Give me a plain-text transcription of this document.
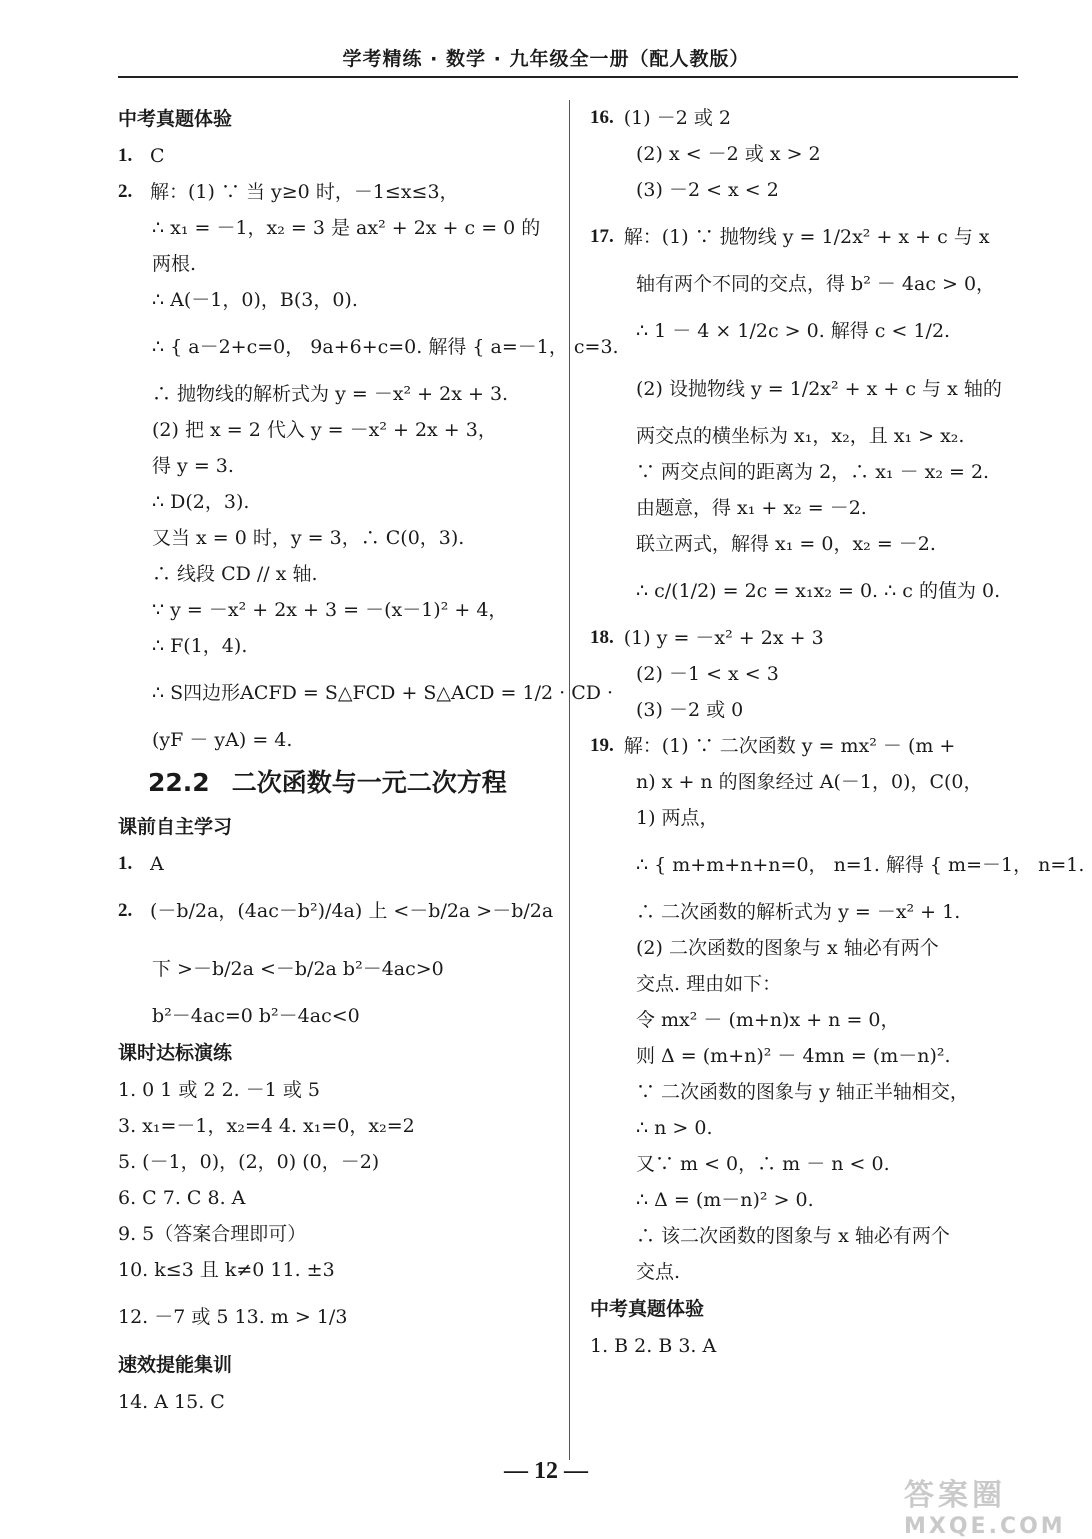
学考精练 · 数学 · 九年级全一册（配人教版）
中考真题体验
1. C
2. 解：(1) ∵ 当 y≥0 时，－1≤x≤3，
∴ x₁ = －1，x₂ = 3 是 ax² + 2x + c = 0 的
两根.
∴ A(－1，0)，B(3，0).
∴ { a－2+c=0， 9a+6+c=0. 解得 { a=－1， c=3.
∴ 抛物线的解析式为 y = －x² + 2x + 3.
(2) 把 x = 2 代入 y = －x² + 2x + 3，
得 y = 3.
∴ D(2，3).
又当 x = 0 时，y = 3，∴ C(0，3).
∴ 线段 CD // x 轴.
∵ y = －x² + 2x + 3 = －(x－1)² + 4，
∴ F(1，4).
∴ S四边形ACFD = S△FCD + S△ACD = 1/2 · CD ·
(yF － yA) = 4.
22.2 二次函数与一元二次方程
课前自主学习
1. A
2. (－b/2a，(4ac－b²)/4a) 上 <－b/2a >－b/2a
下 >－b/2a <－b/2a b²－4ac>0
b²－4ac=0 b²－4ac<0
课时达标演练
1. 0 1 或 2 2. －1 或 5
3. x₁=－1，x₂=4 4. x₁=0，x₂=2
5. (－1，0)，(2，0) (0，－2)
6. C 7. C 8. A
9. 5（答案合理即可）
10. k≤3 且 k≠0 11. ±3
12. －7 或 5 13. m > 1/3
速效提能集训
14. A 15. C
16. (1) －2 或 2
(2) x < －2 或 x > 2
(3) －2 < x < 2
17. 解：(1) ∵ 抛物线 y = 1/2x² + x + c 与 x
轴有两个不同的交点，得 b² － 4ac > 0，
∴ 1 － 4 × 1/2c > 0. 解得 c < 1/2.
(2) 设抛物线 y = 1/2x² + x + c 与 x 轴的
两交点的横坐标为 x₁，x₂，且 x₁ > x₂.
∵ 两交点间的距离为 2，∴ x₁ － x₂ = 2.
由题意，得 x₁ + x₂ = －2.
联立两式，解得 x₁ = 0，x₂ = －2.
∴ c/(1/2) = 2c = x₁x₂ = 0. ∴ c 的值为 0.
18. (1) y = －x² + 2x + 3
(2) －1 < x < 3
(3) －2 或 0
19. 解：(1) ∵ 二次函数 y = mx² － (m +
n) x + n 的图象经过 A(－1，0)，C(0，
1) 两点，
∴ { m+m+n+n=0， n=1. 解得 { m=－1， n=1.
∴ 二次函数的解析式为 y = －x² + 1.
(2) 二次函数的图象与 x 轴必有两个
交点. 理由如下：
令 mx² － (m+n)x + n = 0，
则 Δ = (m+n)² － 4mn = (m－n)².
∵ 二次函数的图象与 y 轴正半轴相交，
∴ n > 0.
又∵ m < 0，∴ m － n < 0.
∴ Δ = (m－n)² > 0.
∴ 该二次函数的图象与 x 轴必有两个
交点.
中考真题体验
1. B 2. B 3. A
— 12 —
答案圈
MXQE.COM
